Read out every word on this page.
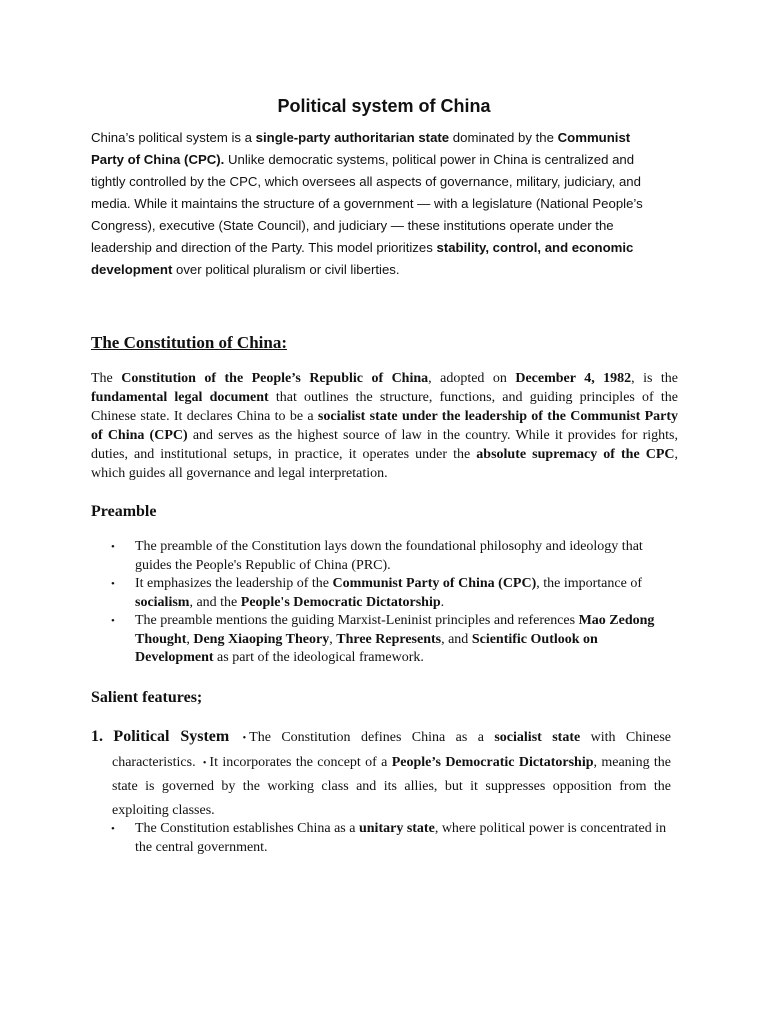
Political system of China

China’s political system is a single-party authoritarian state dominated by the Communist Party of China (CPC). Unlike democratic systems, political power in China is centralized and tightly controlled by the CPC, which oversees all aspects of governance, military, judiciary, and media. While it maintains the structure of a government — with a legislature (National People’s Congress), executive (State Council), and judiciary — these institutions operate under the leadership and direction of the Party. This model prioritizes stability, control, and economic development over political pluralism or civil liberties.

The Constitution of China:

The Constitution of the People’s Republic of China, adopted on December 4, 1982, is the fundamental legal document that outlines the structure, functions, and guiding principles of the Chinese state. It declares China to be a socialist state under the leadership of the Communist Party of China (CPC) and serves as the highest source of law in the country. While it provides for rights, duties, and institutional setups, in practice, it operates under the absolute supremacy of the CPC, which guides all governance and legal interpretation.

Preamble
• The preamble of the Constitution lays down the foundational philosophy and ideology that guides the People's Republic of China (PRC).
• It emphasizes the leadership of the Communist Party of China (CPC), the importance of socialism, and the People's Democratic Dictatorship.
• The preamble mentions the guiding Marxist-Leninist principles and references Mao Zedong Thought, Deng Xiaoping Theory, Three Represents, and Scientific Outlook on Development as part of the ideological framework.
Salient features;
1. Political System • The Constitution defines China as a socialist state with Chinese characteristics. • It incorporates the concept of a People’s Democratic Dictatorship, meaning the state is governed by the working class and its allies, but it suppresses opposition from the exploiting classes.
• The Constitution establishes China as a unitary state, where political power is concentrated in the central government.
